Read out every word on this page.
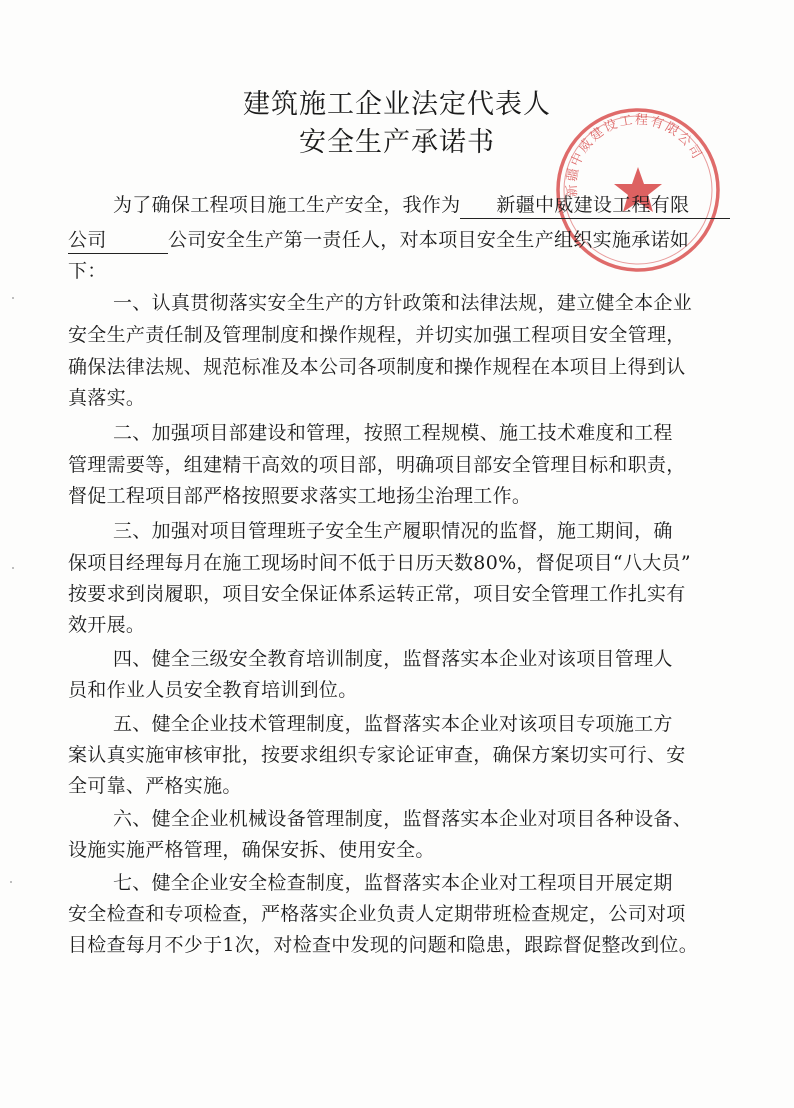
建筑施工企业法定代表人
安全生产承诺书
新疆中威建设工程有限公司
为了确保工程项目施工生产安全，我作为 新疆中威建设工程有限
公司	公司安全生产第一责任人，对本项目安全生产组织实施承诺如
下：
一、认真贯彻落实安全生产的方针政策和法律法规，建立健全本企业
安全生产责任制及管理制度和操作规程，并切实加强工程项目安全管理，
确保法律法规、规范标准及本公司各项制度和操作规程在本项目上得到认
真落实。
二、加强项目部建设和管理，按照工程规模、施工技术难度和工程
管理需要等，组建精干高效的项目部，明确项目部安全管理目标和职责，
督促工程项目部严格按照要求落实工地扬尘治理工作。
三、加强对项目管理班子安全生产履职情况的监督，施工期间，确
保项目经理每月在施工现场时间不低于日历天数80%，督促项目“八大员”
按要求到岗履职，项目安全保证体系运转正常，项目安全管理工作扎实有
效开展。
四、健全三级安全教育培训制度，监督落实本企业对该项目管理人
员和作业人员安全教育培训到位。
五、健全企业技术管理制度，监督落实本企业对该项目专项施工方
案认真实施审核审批，按要求组织专家论证审查，确保方案切实可行、安
全可靠、严格实施。
六、健全企业机械设备管理制度，监督落实本企业对项目各种设备、
设施实施严格管理，确保安拆、使用安全。
七、健全企业安全检查制度，监督落实本企业对工程项目开展定期
安全检查和专项检查，严格落实企业负责人定期带班检查规定，公司对项
目检查每月不少于1次，对检查中发现的问题和隐患，跟踪督促整改到位。
